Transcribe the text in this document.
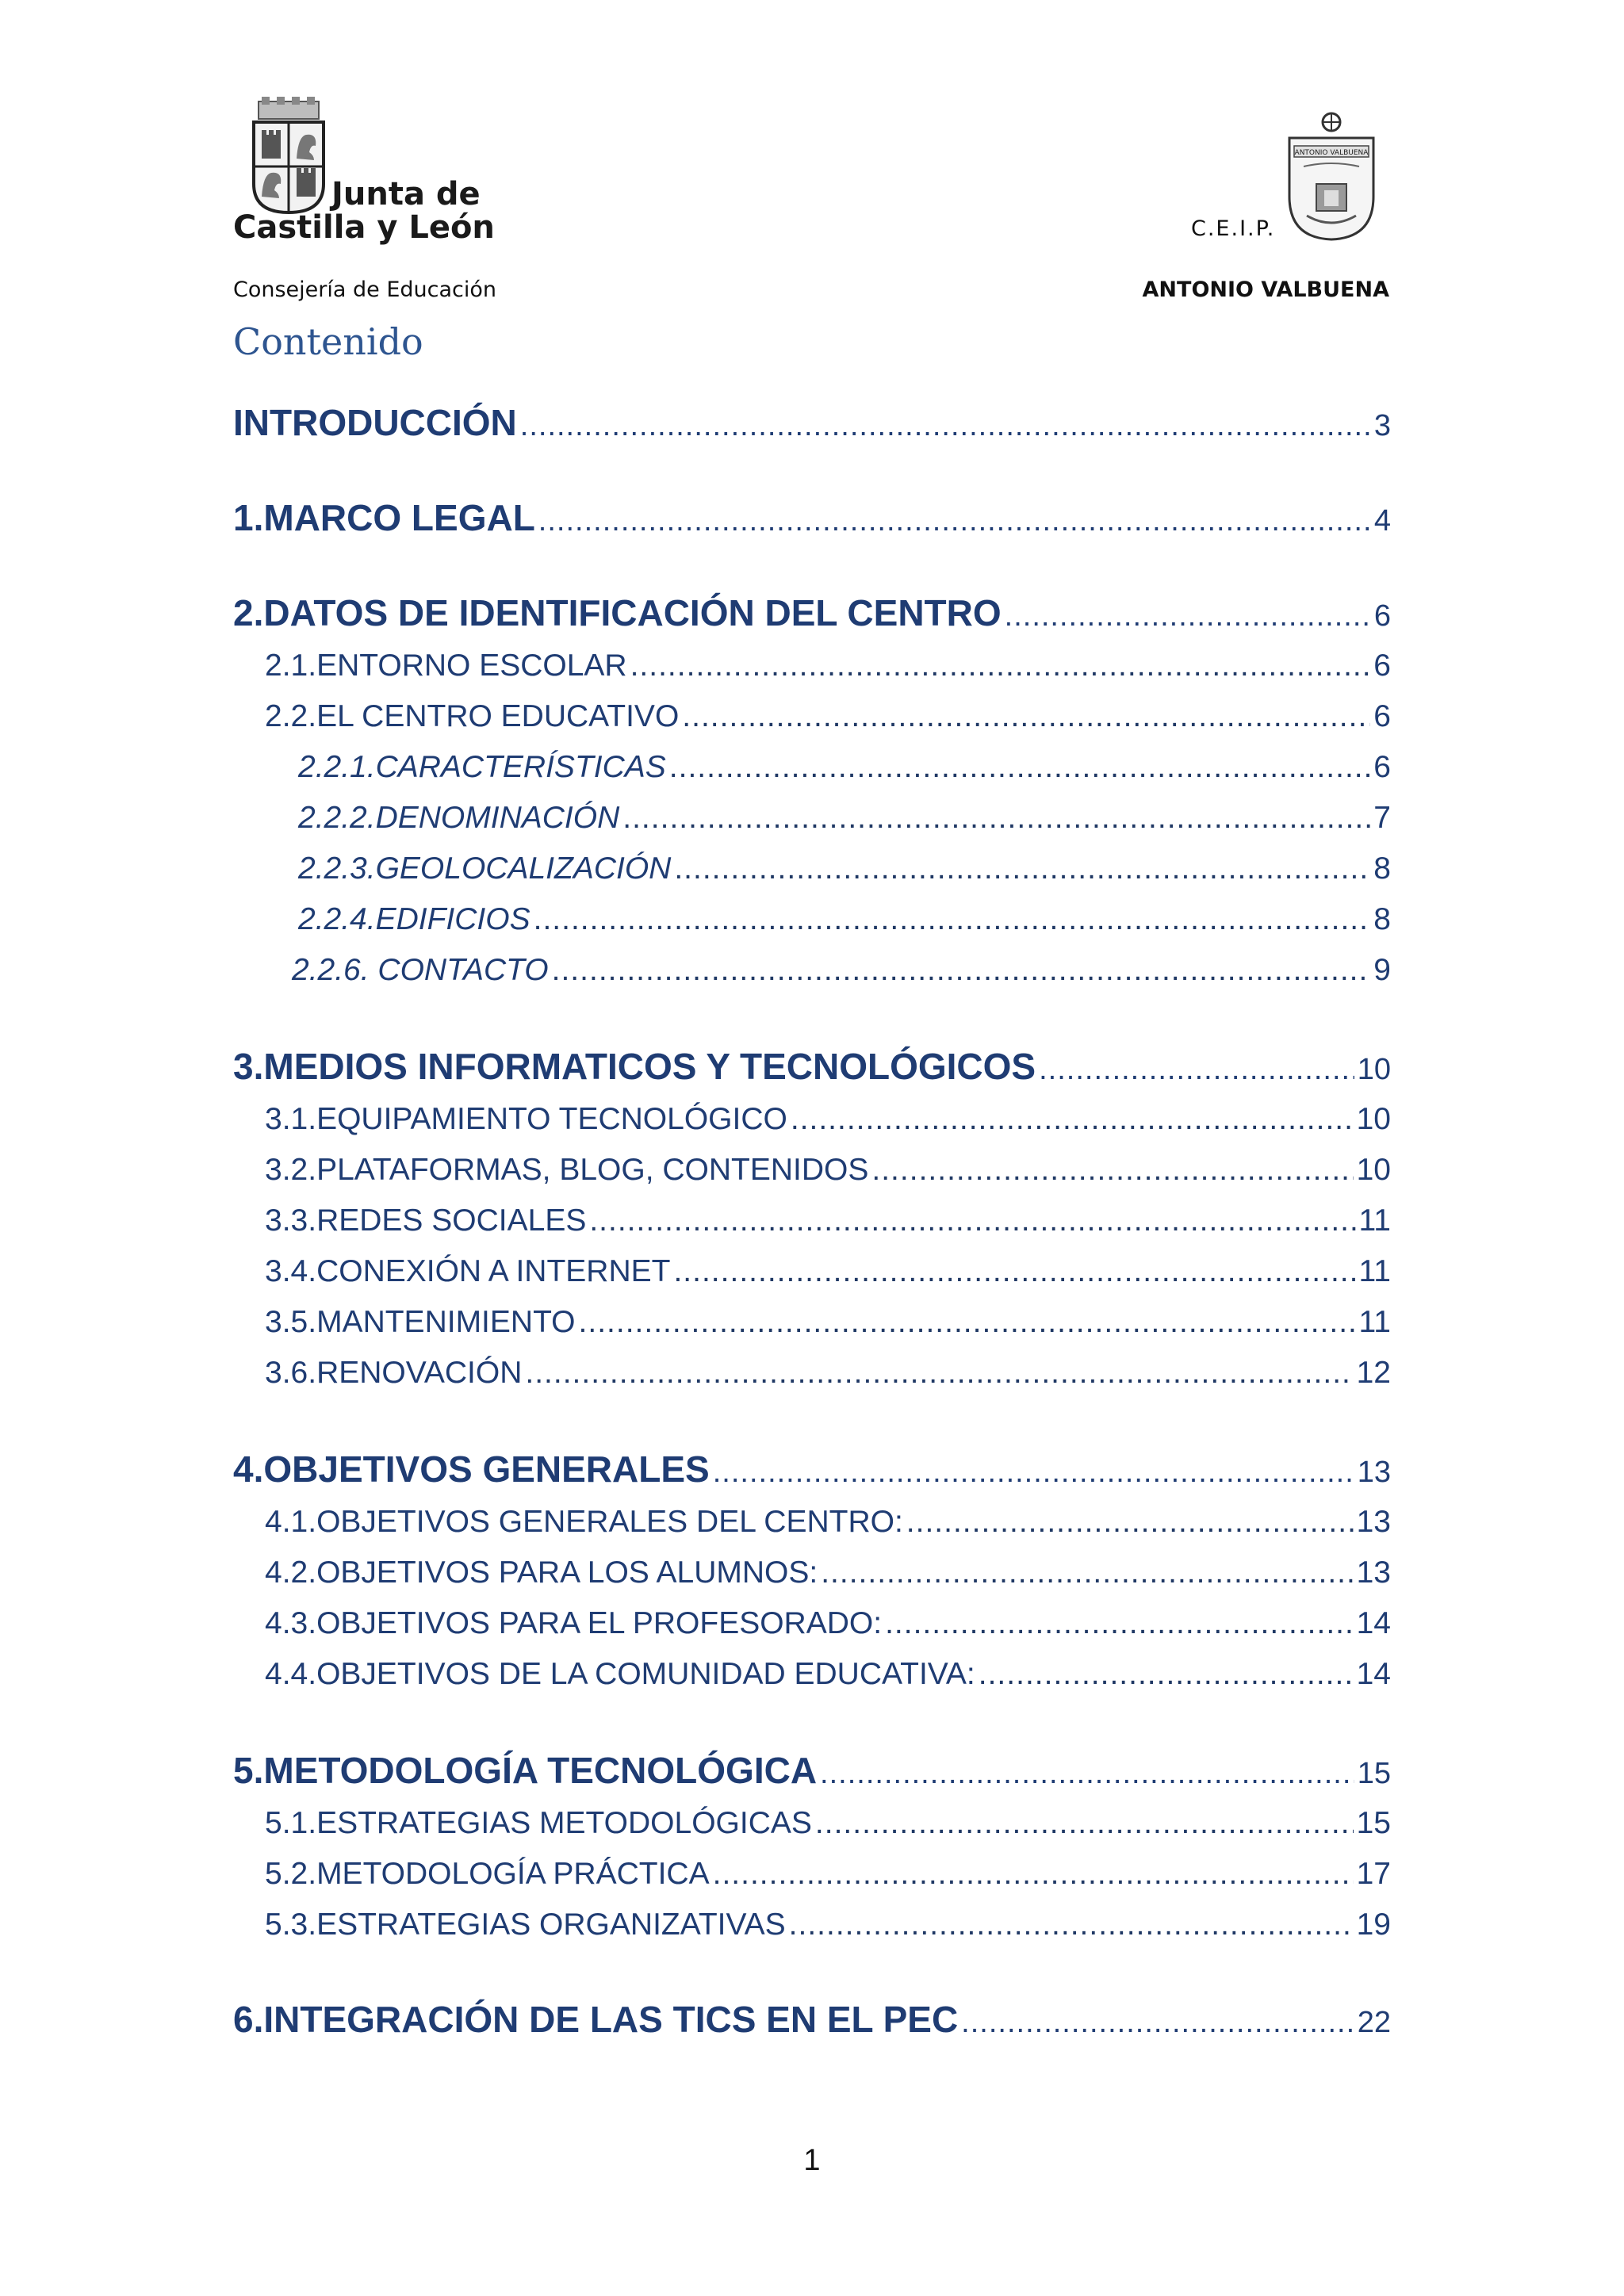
Junta de
Castilla y León
Consejería de Educación
C.E.I.P.
ANTONIO VALBUENA
ANTONIO VALBUENA
Contenido
INTRODUCCIÓN .....	3
1. MARCO LEGAL .....	4
2. DATOS DE IDENTIFICACIÓN DEL CENTRO .....	6
2.1. ENTORNO ESCOLAR .....	6
2.2. EL CENTRO EDUCATIVO .....	6
2.2.1. CARACTERÍSTICAS .....	6
2.2.2. DENOMINACIÓN .....	7
2.2.3. GEOLOCALIZACIÓN .....	8
2.2.4. EDIFICIOS .....	8
2.2.6. CONTACTO .....	9
3. MEDIOS INFORMATICOS Y TECNOLÓGICOS .....	10
3.1. EQUIPAMIENTO TECNOLÓGICO .....	10
3.2. PLATAFORMAS, BLOG, CONTENIDOS .....	10
3.3. REDES SOCIALES .....	11
3.4. CONEXIÓN A INTERNET .....	11
3.5. MANTENIMIENTO .....	11
3.6. RENOVACIÓN .....	12
4. OBJETIVOS GENERALES .....	13
4.1. OBJETIVOS GENERALES DEL CENTRO: .....	13
4.2. OBJETIVOS PARA LOS ALUMNOS: .....	13
4.3. OBJETIVOS PARA EL PROFESORADO: .....	14
4.4. OBJETIVOS DE LA COMUNIDAD EDUCATIVA: .....	14
5. METODOLOGÍA TECNOLÓGICA .....	15
5.1. ESTRATEGIAS METODOLÓGICAS .....	15
5.2. METODOLOGÍA PRÁCTICA .....	17
5.3. ESTRATEGIAS ORGANIZATIVAS .....	19
6. INTEGRACIÓN DE LAS TICS EN EL PEC .....	22
1
